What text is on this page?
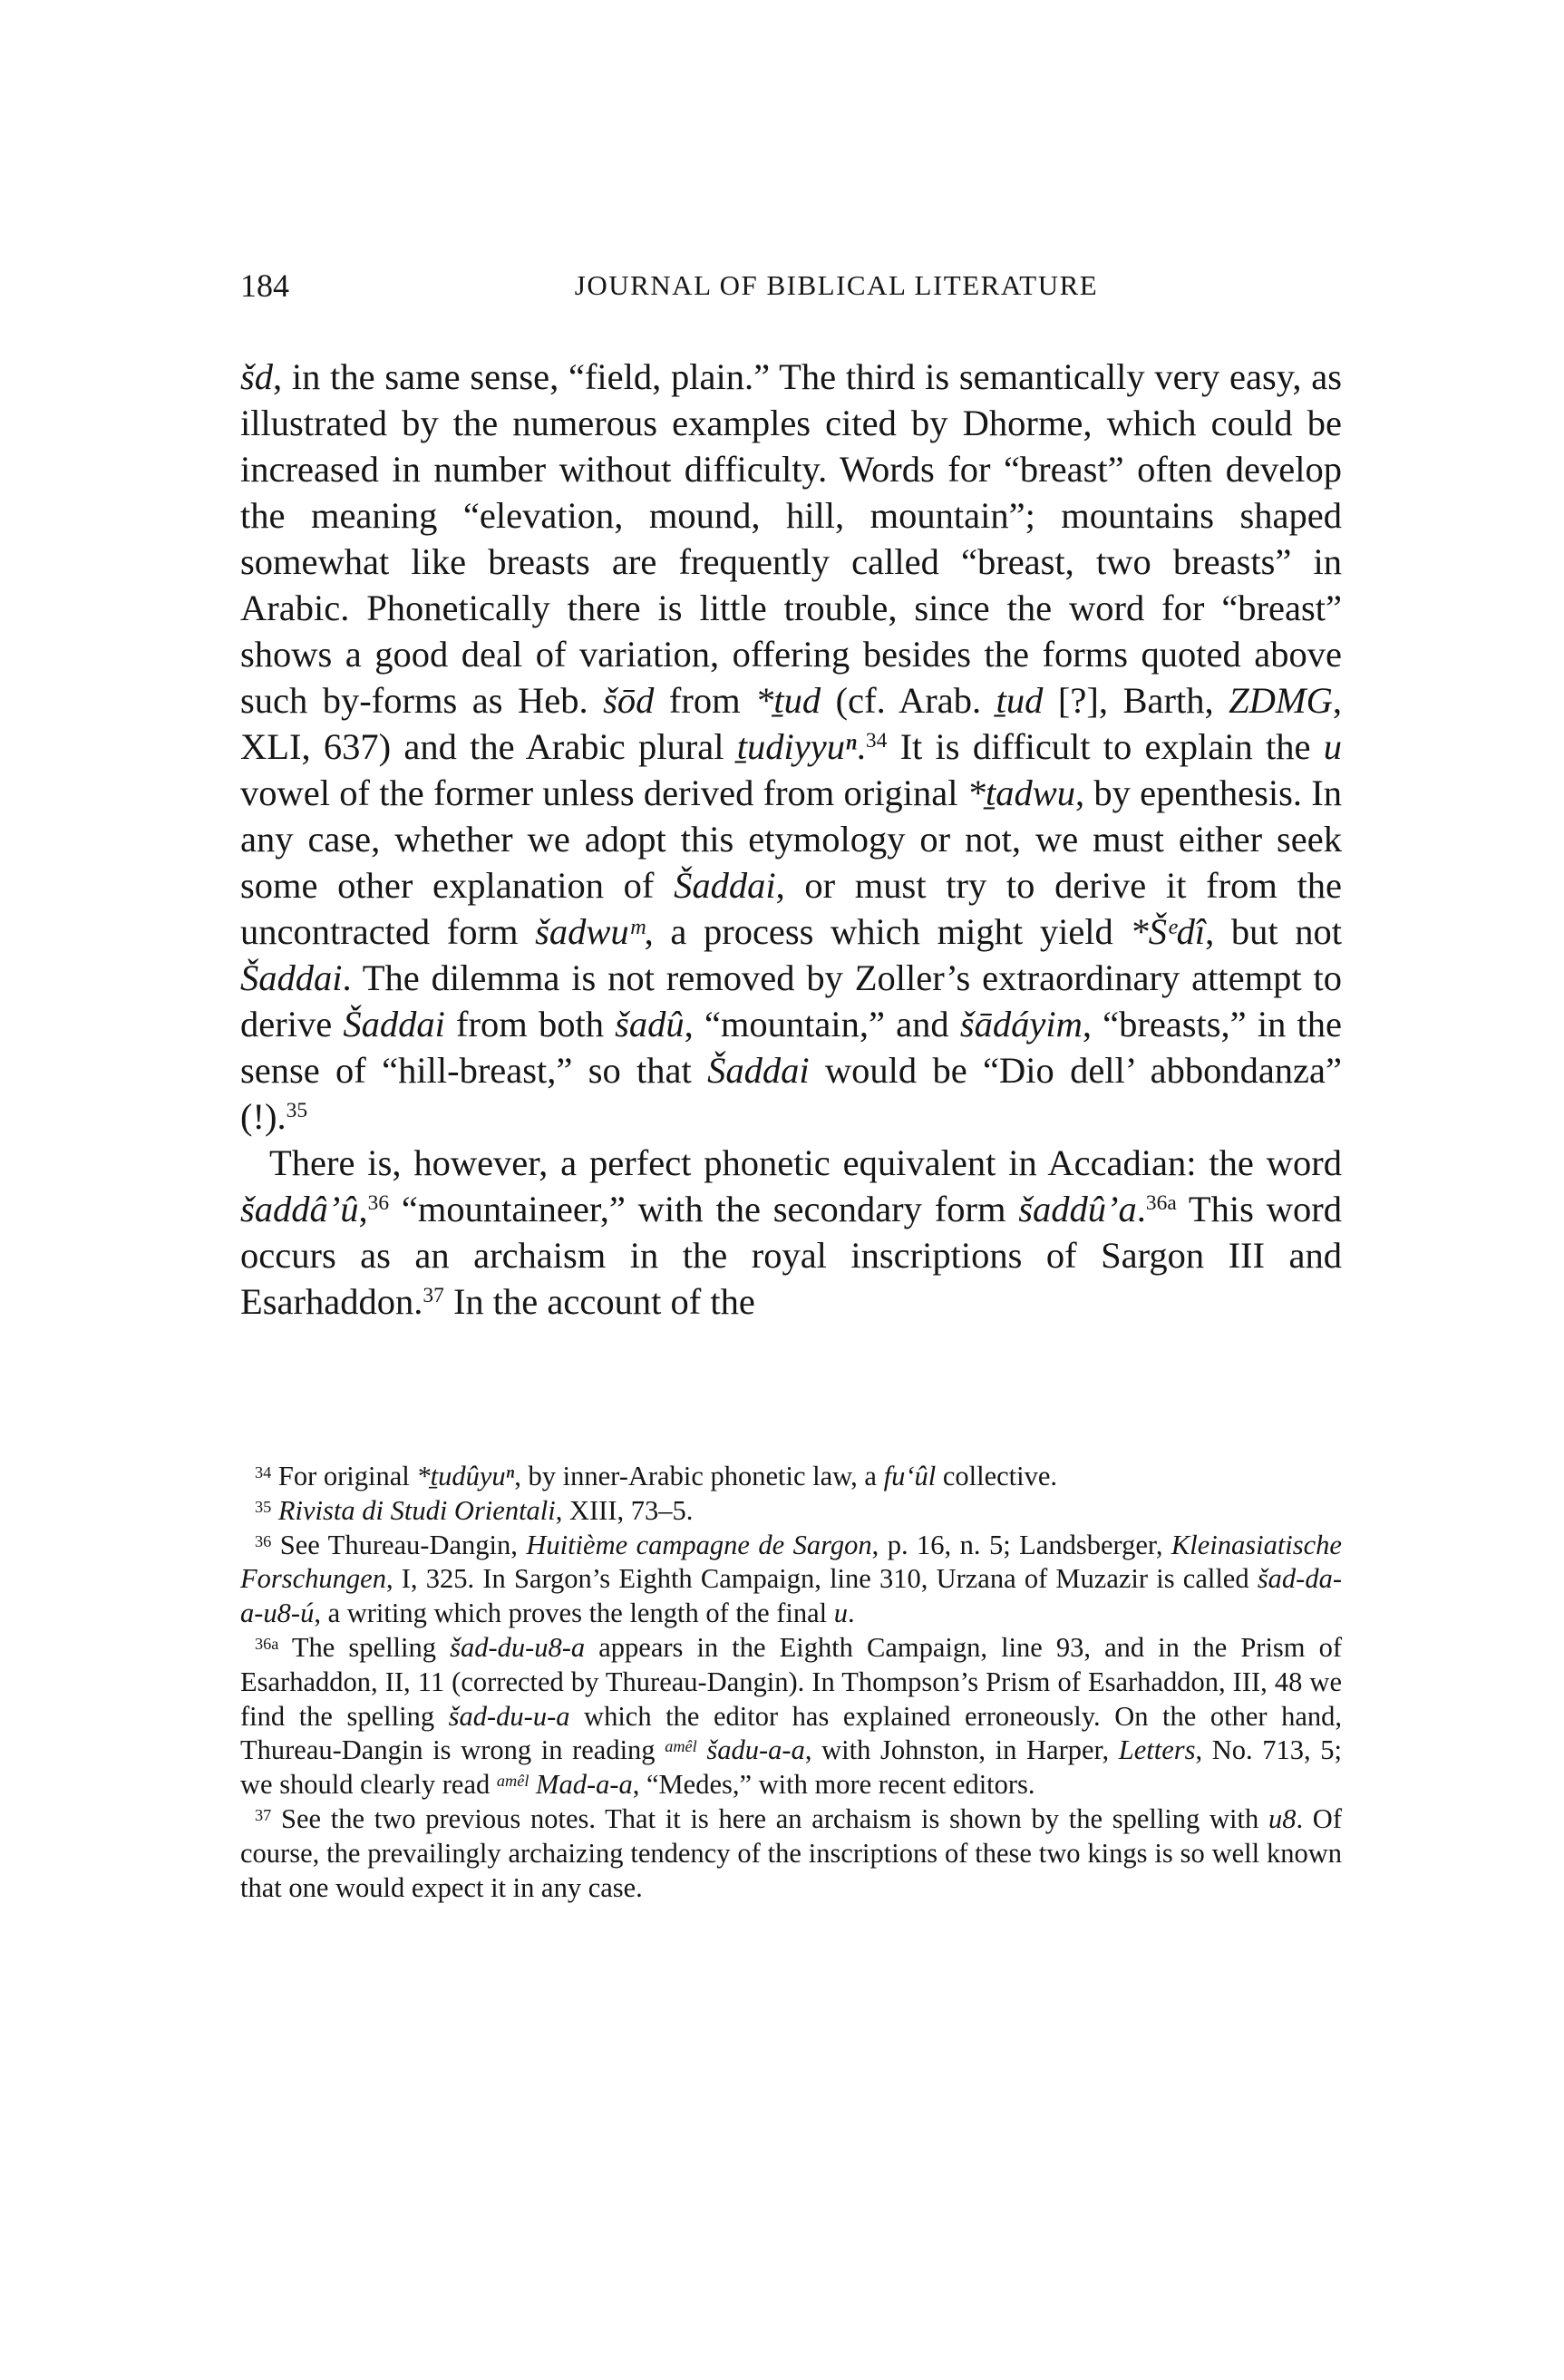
184	JOURNAL OF BIBLICAL LITERATURE

šd, in the same sense, “field, plain.” The third is semantically very easy, as illustrated by the numerous examples cited by Dhorme, which could be increased in number without difficulty. Words for “breast” often develop the meaning “elevation, mound, hill, mountain”; mountains shaped somewhat like breasts are frequently called “breast, two breasts” in Arabic. Phonetically there is little trouble, since the word for “breast” shows a good deal of variation, offering besides the forms quoted above such by-forms as Heb. šōd from *ṯud (cf. Arab. ṯud [?], Barth, ZDMG, XLI, 637) and the Arabic plural ṯudiyyuⁿ.$^{34}$ It is difficult to explain the u vowel of the former unless derived from original *ṯadwu, by epenthesis. In any case, whether we adopt this etymology or not, we must either seek some other explanation of Šaddai, or must try to derive it from the uncontracted form šadwuᵐ, a process which might yield *Šᵉdî, but not Šaddai. The dilemma is not removed by Zoller’s extraordinary attempt to derive Šaddai from both šadû, “mountain,” and šādáyim, “breasts,” in the sense of “hill-breast,” so that Šaddai would be “Dio dell’ abbondanza” (!).$^{35}$

There is, however, a perfect phonetic equivalent in Accadian: the word šaddâ’û,$^{36}$ “mountaineer,” with the secondary form šaddû’a.$^{36a}$ This word occurs as an archaism in the royal inscriptions of Sargon III and Esarhaddon.$^{37}$ In the account of the

$^{34}$ For original *ṯudûyuⁿ, by inner-Arabic phonetic law, a fu‘ûl collective.

$^{35}$ Rivista di Studi Orientali, XIII, 73–5.

$^{36}$ See Thureau-Dangin, Huitième campagne de Sargon, p. 16, n. 5; Landsberger, Kleinasiatische Forschungen, I, 325. In Sargon’s Eighth Campaign, line 310, Urzana of Muzazir is called šad-da-a-u8-ú, a writing which proves the length of the final u.

$^{36a}$ The spelling šad-du-u8-a appears in the Eighth Campaign, line 93, and in the Prism of Esarhaddon, II, 11 (corrected by Thureau-Dangin). In Thompson’s Prism of Esarhaddon, III, 48 we find the spelling šad-du-u-a which the editor has explained erroneously. On the other hand, Thureau-Dangin is wrong in reading $^{amêl}$ šadu-a-a, with Johnston, in Harper, Letters, No. 713, 5; we should clearly read $^{amêl}$ Mad-a-a, “Medes,” with more recent editors.

$^{37}$ See the two previous notes. That it is here an archaism is shown by the spelling with u8. Of course, the prevailingly archaizing tendency of the inscriptions of these two kings is so well known that one would expect it in any case.
